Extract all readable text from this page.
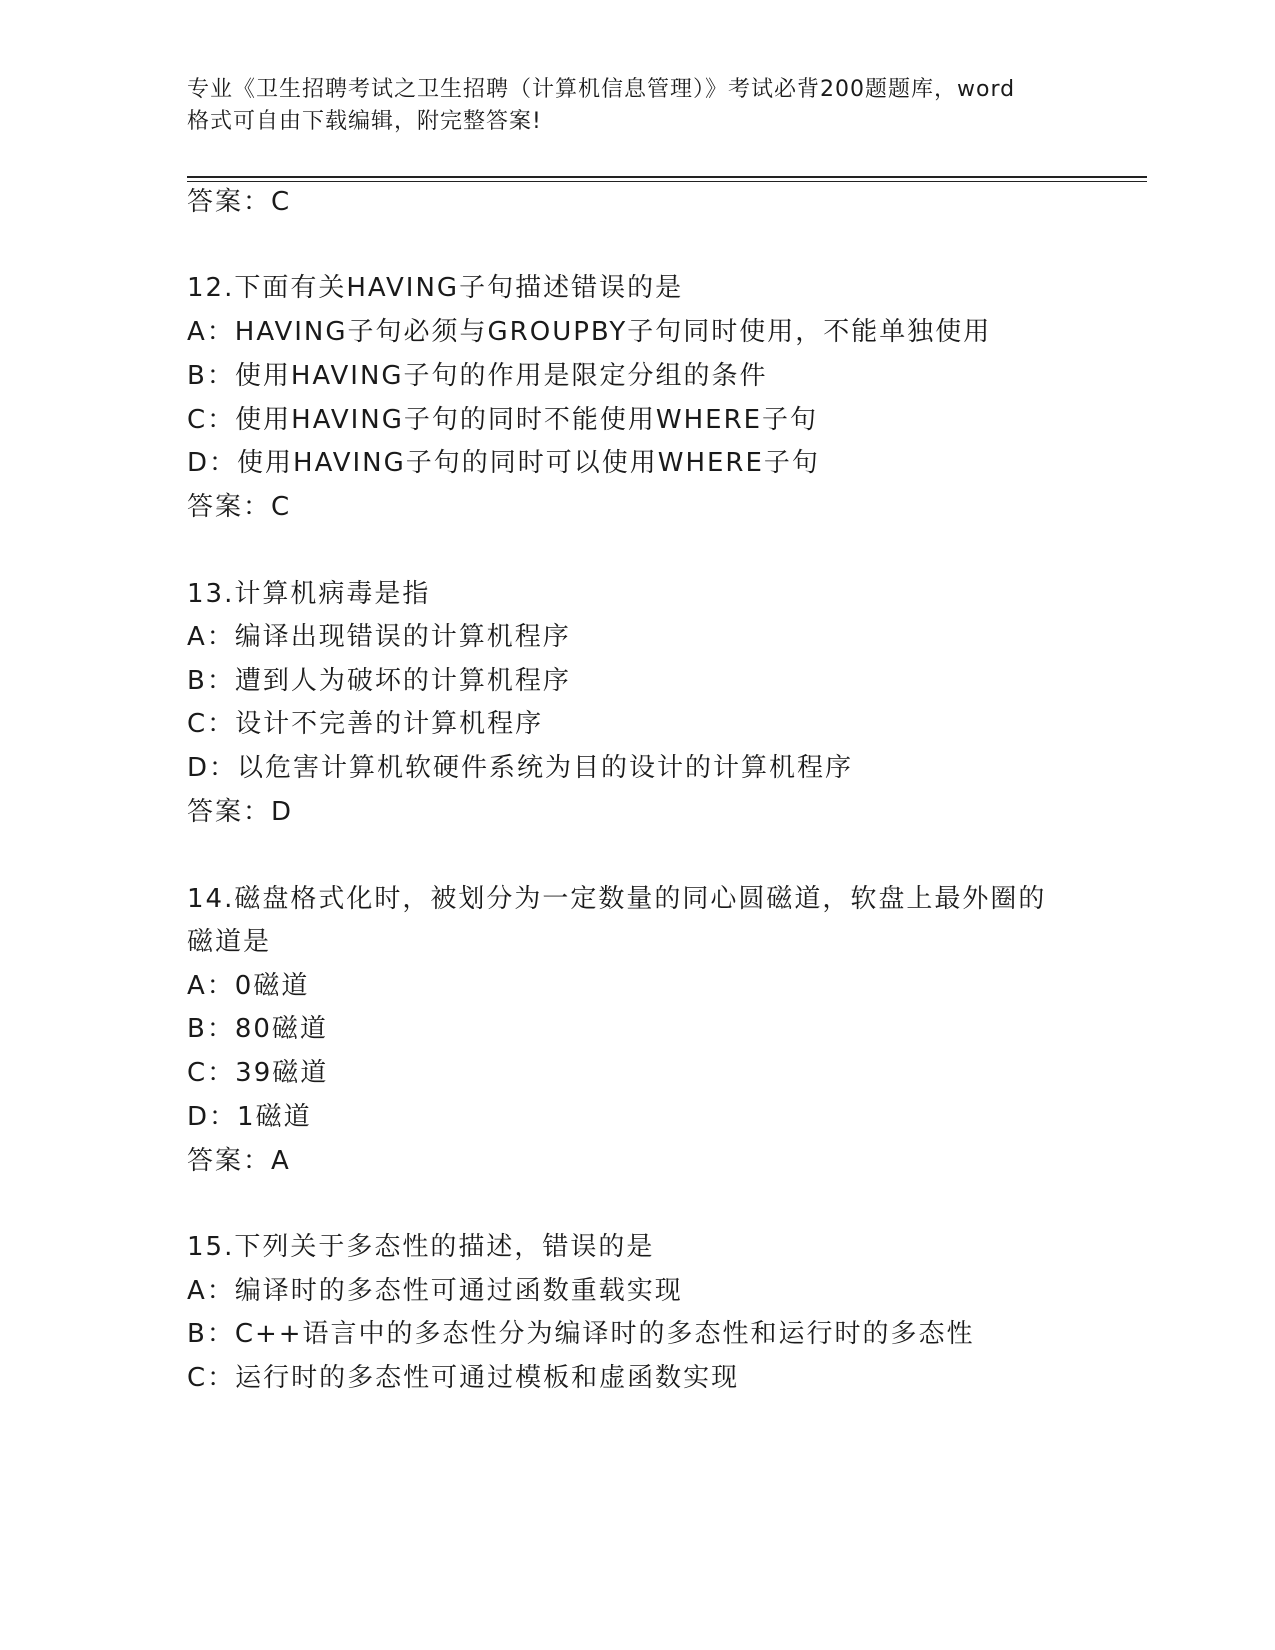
专业《卫生招聘考试之卫生招聘（计算机信息管理）》考试必背200题题库，word
格式可自由下载编辑，附完整答案!
答案：C
12.下面有关HAVING子句描述错误的是
A：HAVING子句必须与GROUPBY子句同时使用，不能单独使用
B：使用HAVING子句的作用是限定分组的条件
C：使用HAVING子句的同时不能使用WHERE子句
D：使用HAVING子句的同时可以使用WHERE子句
答案：C
13.计算机病毒是指
A：编译出现错误的计算机程序
B：遭到人为破坏的计算机程序
C：设计不完善的计算机程序
D：以危害计算机软硬件系统为目的设计的计算机程序
答案：D
14.磁盘格式化时，被划分为一定数量的同心圆磁道，软盘上最外圈的
磁道是
A：0磁道
B：80磁道
C：39磁道
D：1磁道
答案：A
15.下列关于多态性的描述，错误的是
A：编译时的多态性可通过函数重载实现
B：C++语言中的多态性分为编译时的多态性和运行时的多态性
C：运行时的多态性可通过模板和虚函数实现
